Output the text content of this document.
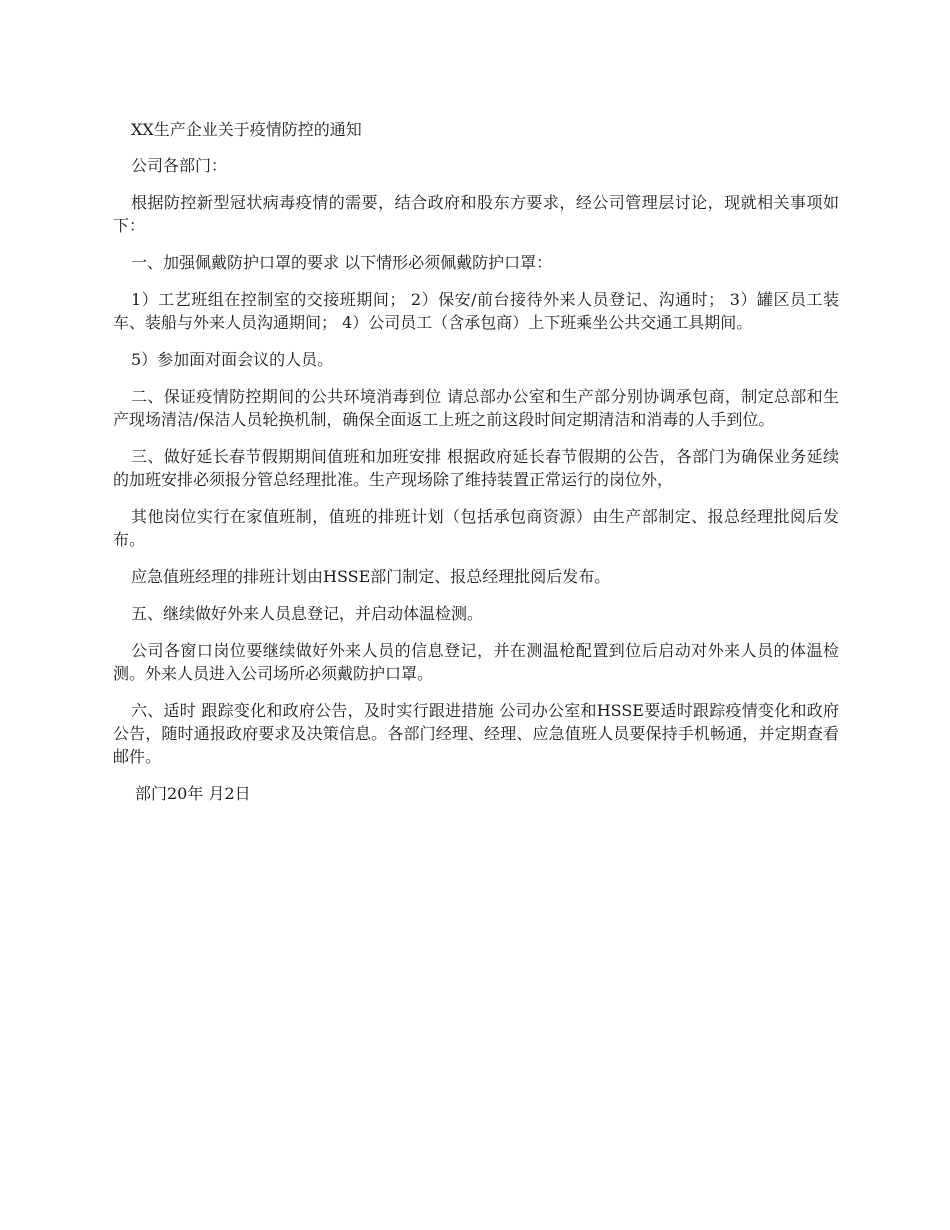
XX生产企业关于疫情防控的通知

公司各部门：

根据防控新型冠状病毒疫情的需要，结合政府和股东方要求，经公司管理层讨论，现就相关事项如下：

一、加强佩戴防护口罩的要求 以下情形必须佩戴防护口罩：

1）工艺班组在控制室的交接班期间； 2）保安/前台接待外来人员登记、沟通时； 3）罐区员工装车、装船与外来人员沟通期间； 4）公司员工（含承包商）上下班乘坐公共交通工具期间。

5）参加面对面会议的人员。

二、保证疫情防控期间的公共环境消毒到位 请总部办公室和生产部分别协调承包商，制定总部和生产现场清洁/保洁人员轮换机制，确保全面返工上班之前这段时间定期清洁和消毒的人手到位。

三、做好延长春节假期期间值班和加班安排 根据政府延长春节假期的公告，各部门为确保业务延续的加班安排必须报分管总经理批准。生产现场除了维持装置正常运行的岗位外，

其他岗位实行在家值班制，值班的排班计划（包括承包商资源）由生产部制定、报总经理批阅后发布。

应急值班经理的排班计划由HSSE部门制定、报总经理批阅后发布。

五、继续做好外来人员息登记，并启动体温检测。

公司各窗口岗位要继续做好外来人员的信息登记，并在测温枪配置到位后启动对外来人员的体温检测。外来人员进入公司场所必须戴防护口罩。

六、适时 跟踪变化和政府公告，及时实行跟进措施 公司办公室和HSSE要适时跟踪疫情变化和政府公告，随时通报政府要求及决策信息。各部门经理、经理、应急值班人员要保持手机畅通，并定期查看邮件。

部门20年 月2日
